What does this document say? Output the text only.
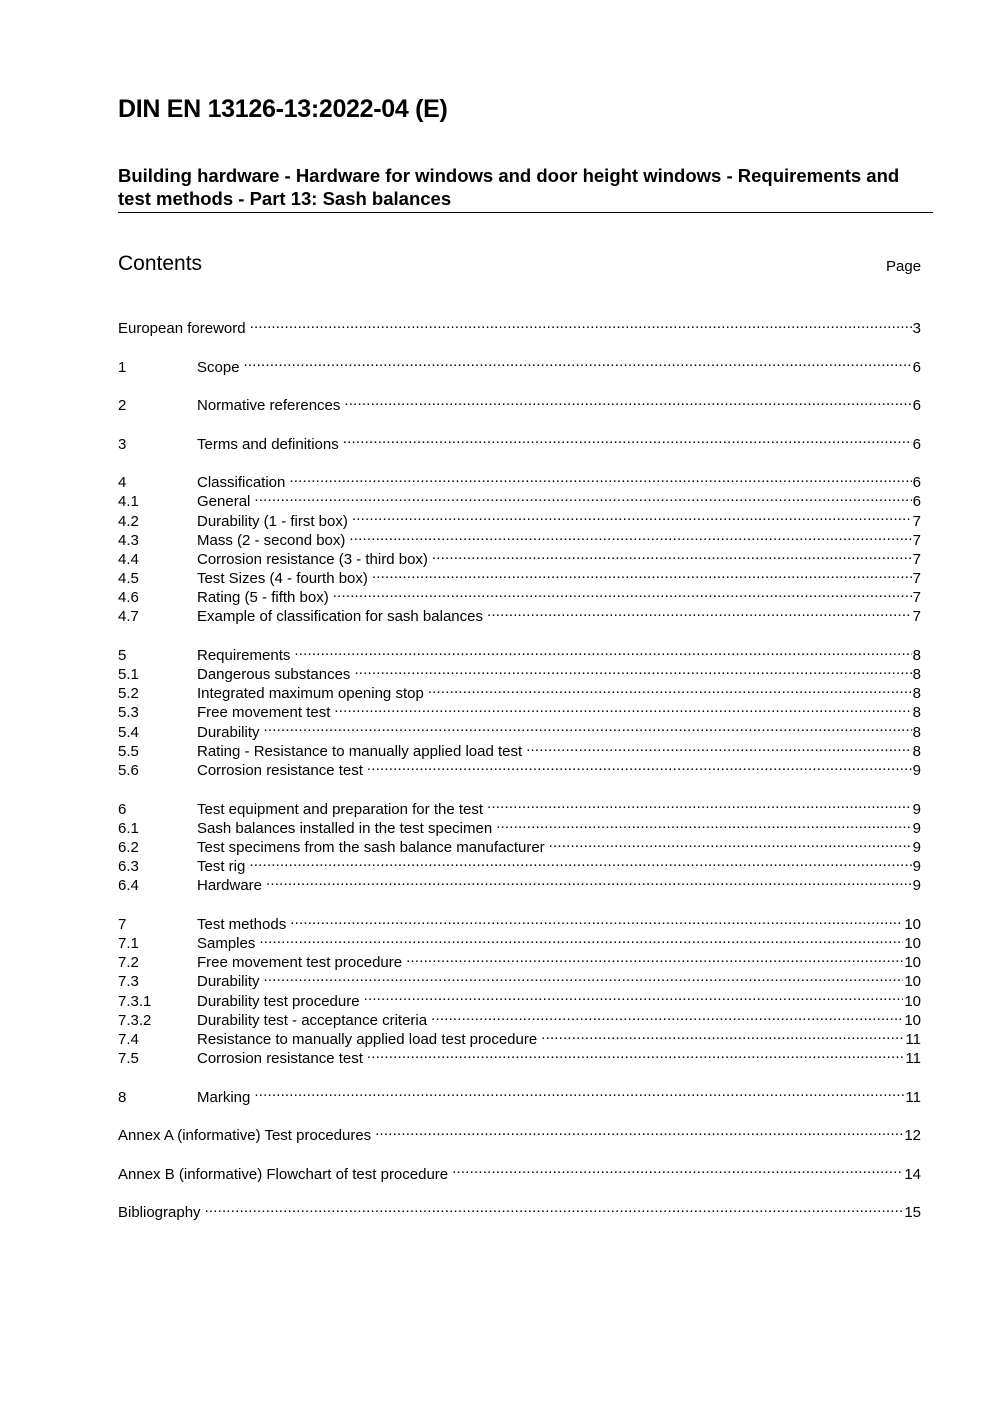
DIN EN 13126-13:2022-04 (E)
Building hardware - Hardware for windows and door height windows - Requirements and test methods - Part 13: Sash balances
Contents	Page
European foreword .....	3
1	Scope .....	6
2	Normative references .....	6
3	Terms and definitions .....	6
4	Classification .....	6
4.1	General .....	6
4.2	Durability (1 - first box) .....	7
4.3	Mass (2 - second box) .....	7
4.4	Corrosion resistance (3 - third box) .....	7
4.5	Test Sizes (4 - fourth box) .....	7
4.6	Rating (5 - fifth box) .....	7
4.7	Example of classification for sash balances .....	7
5	Requirements .....	8
5.1	Dangerous substances .....	8
5.2	Integrated maximum opening stop .....	8
5.3	Free movement test .....	8
5.4	Durability .....	8
5.5	Rating - Resistance to manually applied load test .....	8
5.6	Corrosion resistance test .....	9
6	Test equipment and preparation for the test .....	9
6.1	Sash balances installed in the test specimen .....	9
6.2	Test specimens from the sash balance manufacturer .....	9
6.3	Test rig .....	9
6.4	Hardware .....	9
7	Test methods .....	10
7.1	Samples .....	10
7.2	Free movement test procedure .....	10
7.3	Durability .....	10
7.3.1	Durability test procedure .....	10
7.3.2	Durability test - acceptance criteria .....	10
7.4	Resistance to manually applied load test procedure .....	11
7.5	Corrosion resistance test .....	11
8	Marking .....	11
Annex A (informative) Test procedures .....	12
Annex B (informative) Flowchart of test procedure .....	14
Bibliography .....	15
